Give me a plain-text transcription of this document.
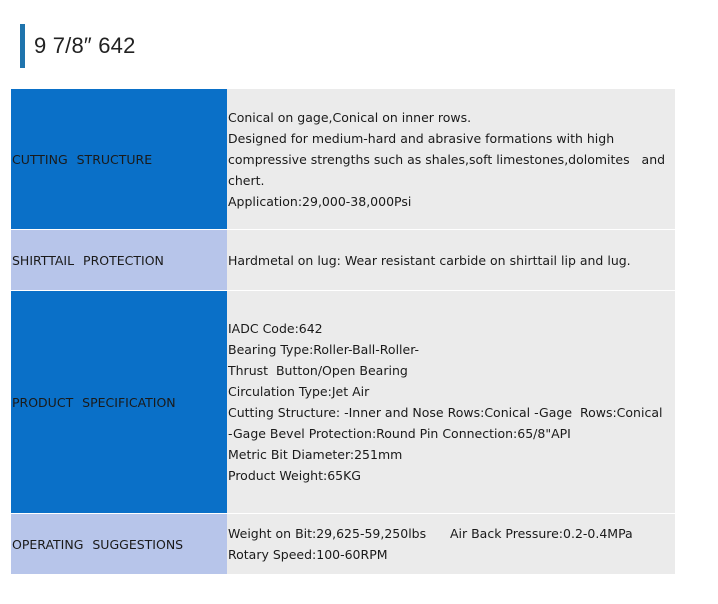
9 7/8″ 642
CUTTING STRUCTURE
Conical on gage,Conical on inner rows.
Designed for medium-hard and abrasive formations with high
compressive strengths such as shales,soft limestones,dolomites   and
chert.
Application:29,000-38,000Psi
SHIRTTAIL PROTECTION	Hardmetal on lug: Wear resistant carbide on shirttail lip and lug.
PRODUCT SPECIFICATION
IADC Code:642
Bearing Type:Roller-Ball-Roller-
Thrust  Button/Open Bearing
Circulation Type:Jet Air
Cutting Structure: -Inner and Nose Rows:Conical -Gage  Rows:Conical
-Gage Bevel Protection:Round Pin Connection:65/8"API
Metric Bit Diameter:251mm
Product Weight:65KG
OPERATING SUGGESTIONS
Weight on Bit:29,625-59,250lbs      Air Back Pressure:0.2-0.4MPa
Rotary Speed:100-60RPM
